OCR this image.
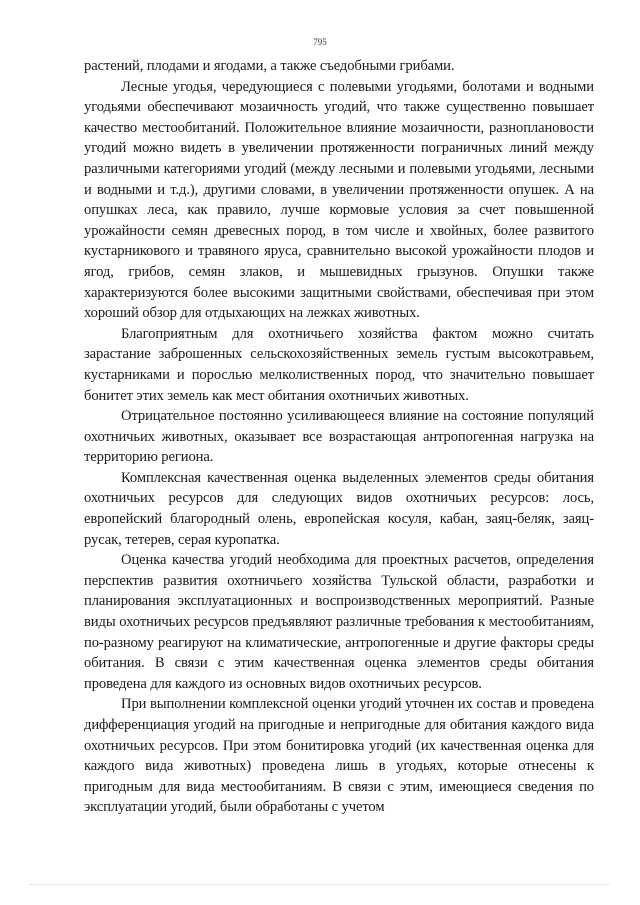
795

растений, плодами и ягодами, а также съедобными грибами.

Лесные угодья, чередующиеся с полевыми угодьями, болотами и водными угодьями обеспечивают мозаичность угодий, что также существенно повышает качество местообитаний. Положительное влияние мозаичности, разноплановости угодий можно видеть в увеличении протяженности пограничных линий между различными категориями угодий (между лесными и полевыми угодьями, лесными и водными и т.д.), другими словами, в увеличении протяженности опушек. А на опушках леса, как правило, лучше кормовые условия за счет повышенной урожайности семян древесных пород, в том числе и хвойных, более развитого кустарникового и травяного яруса, сравнительно высокой урожайности плодов и ягод, грибов, семян злаков, и мышевидных грызунов. Опушки также характеризуются более высокими защитными свойствами, обеспечивая при этом хороший обзор для отдыхающих на лежках животных.

Благоприятным для охотничьего хозяйства фактом можно считать зарастание заброшенных сельскохозяйственных земель густым высокотравьем, кустарниками и порослью мелколиственных пород, что значительно повышает бонитет этих земель как мест обитания охотничьих животных.

Отрицательное постоянно усиливающееся влияние на состояние популяций охотничьих животных, оказывает все возрастающая антропогенная нагрузка на территорию региона.

Комплексная качественная оценка выделенных элементов среды обитания охотничьих ресурсов для следующих видов охотничьих ресурсов: лось, европейский благородный олень, европейская косуля, кабан, заяц-беляк, заяц-русак, тетерев, серая куропатка.

Оценка качества угодий необходима для проектных расчетов, определения перспектив развития охотничьего хозяйства Тульской области, разработки и планирования эксплуатационных и воспроизводственных мероприятий. Разные виды охотничьих ресурсов предъявляют различные требования к местообитаниям, по-разному реагируют на климатические, антропогенные и другие факторы среды обитания. В связи с этим качественная оценка элементов среды обитания проведена для каждого из основных видов охотничьих ресурсов.

При выполнении комплексной оценки угодий уточнен их состав и проведена дифференциация угодий на пригодные и непригодные для обитания каждого вида охотничьих ресурсов. При этом бонитировка угодий (их качественная оценка для каждого вида животных) проведена лишь в угодьях, которые отнесены к пригодным для вида местообитаниям. В связи с этим, имеющиеся сведения по эксплуатации угодий, были обработаны с учетом
